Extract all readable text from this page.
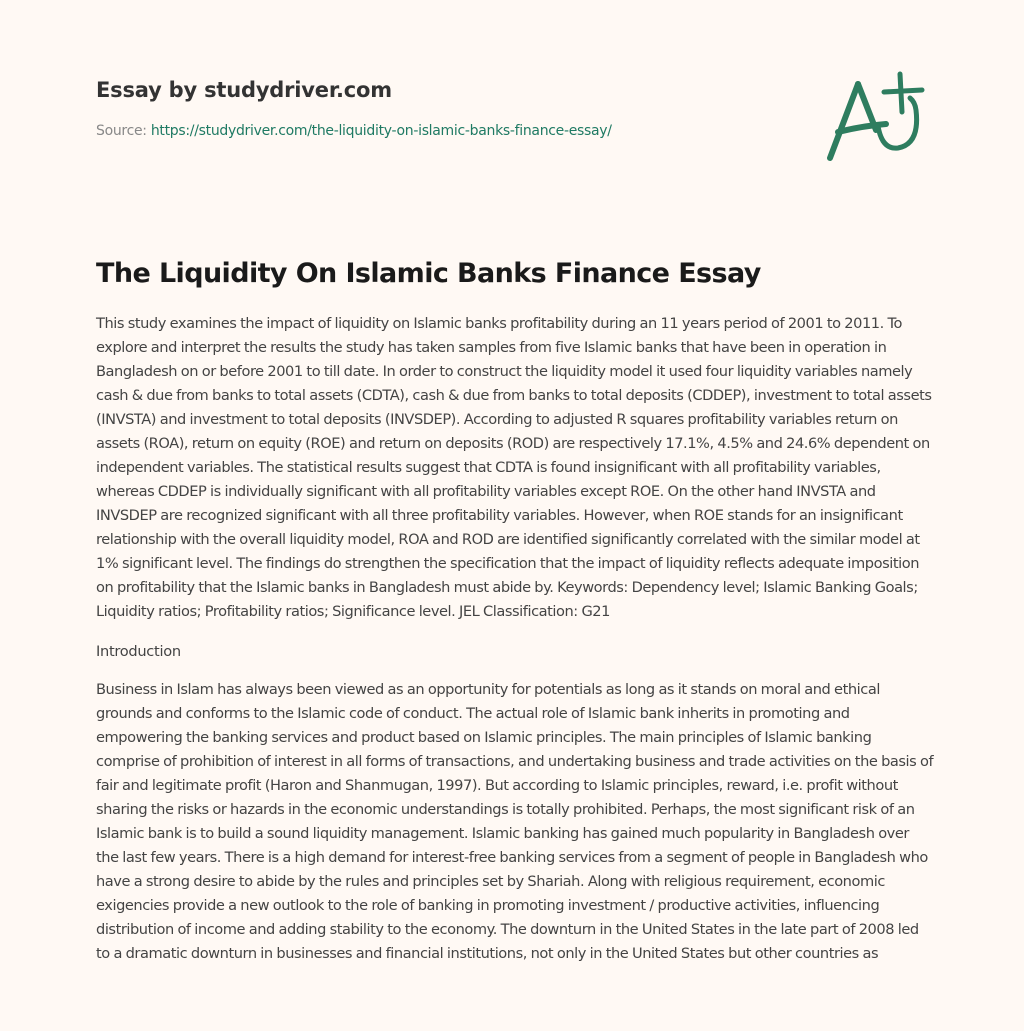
Essay by studydriver.com
Source: https://studydriver.com/the-liquidity-on-islamic-banks-finance-essay/
The Liquidity On Islamic Banks Finance Essay

This study examines the impact of liquidity on Islamic banks profitability during an 11 years period of 2001 to 2011. To explore and interpret the results the study has taken samples from five Islamic banks that have been in operation in Bangladesh on or before 2001 to till date. In order to construct the liquidity model it used four liquidity variables namely cash & due from banks to total assets (CDTA), cash & due from banks to total deposits (CDDEP), investment to total assets (INVSTA) and investment to total deposits (INVSDEP). According to adjusted R squares profitability variables return on assets (ROA), return on equity (ROE) and return on deposits (ROD) are respectively 17.1%, 4.5% and 24.6% dependent on independent variables. The statistical results suggest that CDTA is found insignificant with all profitability variables, whereas CDDEP is individually significant with all profitability variables except ROE. On the other hand INVSTA and INVSDEP are recognized significant with all three profitability variables. However, when ROE stands for an insignificant relationship with the overall liquidity model, ROA and ROD are identified significantly correlated with the similar model at 1% significant level. The findings do strengthen the specification that the impact of liquidity reflects adequate imposition on profitability that the Islamic banks in Bangladesh must abide by. Keywords: Dependency level; Islamic Banking Goals; Liquidity ratios; Profitability ratios; Significance level. JEL Classification: G21

Introduction

Business in Islam has always been viewed as an opportunity for potentials as long as it stands on moral and ethical grounds and conforms to the Islamic code of conduct. The actual role of Islamic bank inherits in promoting and empowering the banking services and product based on Islamic principles. The main principles of Islamic banking comprise of prohibition of interest in all forms of transactions, and undertaking business and trade activities on the basis of fair and legitimate profit (Haron and Shanmugan, 1997). But according to Islamic principles, reward, i.e. profit without sharing the risks or hazards in the economic understandings is totally prohibited. Perhaps, the most significant risk of an Islamic bank is to build a sound liquidity management. Islamic banking has gained much popularity in Bangladesh over the last few years. There is a high demand for interest-free banking services from a segment of people in Bangladesh who have a strong desire to abide by the rules and principles set by Shariah. Along with religious requirement, economic exigencies provide a new outlook to the role of banking in promoting investment / productive activities, influencing distribution of income and adding stability to the economy. The downturn in the United States in the late part of 2008 led to a dramatic downturn in businesses and financial institutions, not only in the United States but other countries as
